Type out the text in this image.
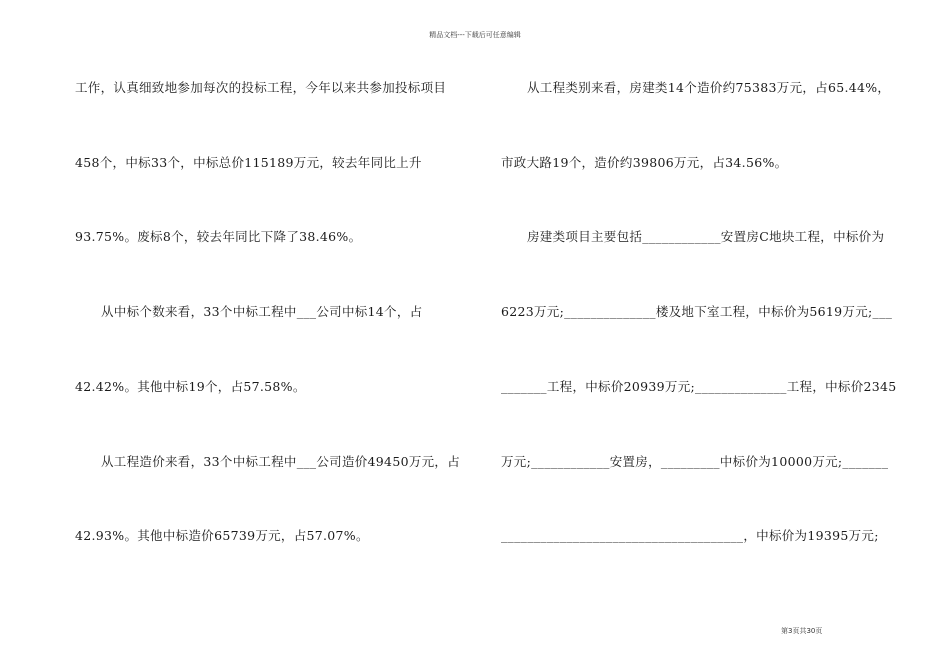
精品文档---下载后可任意编辑
工作，认真细致地参加每次的投标工程，今年以来共参加投标项目
458个，中标33个，中标总价115189万元，较去年同比上升
93.75%。废标8个，较去年同比下降了38.46%。
从中标个数来看，33个中标工程中___公司中标14个，占
42.42%。其他中标19个，占57.58%。
从工程造价来看，33个中标工程中___公司造价49450万元，占
42.93%。其他中标造价65739万元，占57.07%。
从工程类别来看，房建类14个造价约75383万元，占65.44%，
市政大路19个，造价约39806万元，占34.56%。
房建类项目主要包括____________安置房C地块工程，中标价为
6223万元;______________楼及地下室工程，中标价为5619万元;___
_______工程，中标价20939万元;______________工程，中标价2345
万元;____________安置房，_________中标价为10000万元;_______
_____________________________________，中标价为19395万元;
第3页共30页
